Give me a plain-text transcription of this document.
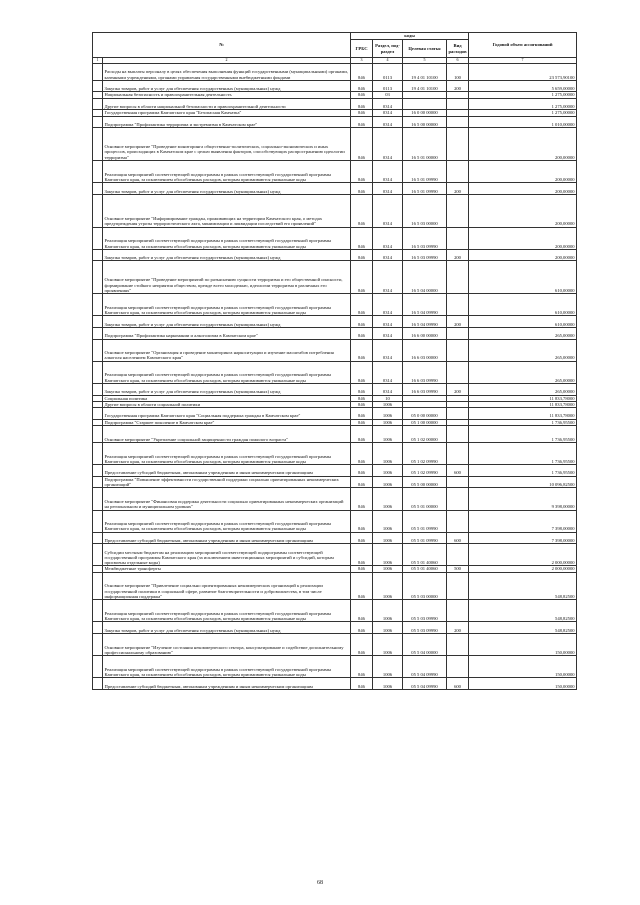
№		коды				Годовой объем ассигнований
		ГРБС	Раздел, под-раздел	Целевая статья	Вид расходов	
1	2	3	4	5	6	7
	Расходы на выплаты персоналу в целях обеспечения выполнения функций государственными (муниципальными) органами, казенными учреждениями, органами управления государственными внебюджетными фондами	846	0113	19 4 01 10100	100	23 573,90100
	Закупка товаров, работ и услуг для обеспечения государственных (муниципальных) нужд	846	0113	19 4 01 10100	200	5 659,00000
	Национальная безопасность и правоохранительная деятельность	846	03			1 275,00000
	Другие вопросы в области национальной безопасности и правоохранительной деятельности	846	0314			1 275,00000
	Государственная программа Камчатского края "Безопасная Камчатка"	846	0314	16 0 00 00000		1 275,00000
	Подпрограмма "Профилактика терроризма и экстремизма в Камчатском крае"	846	0314	16 5 00 00000		1 010,00000
	Основное мероприятие "Проведение мониторинга общественно-политических, социально-экономических и иных процессов, происходящих в Камчатском крае с целью выявления факторов, способствующих распространению идеологии терроризма"	846	0314	16 5 01 00000		200,00000
	Реализация мероприятий соответствующей подпрограммы в рамках соответствующей государственной программы Камчатского края, за исключением обособленных расходов, которым присваиваются уникальные коды	846	0314	16 5 01 09990		200,00000
	Закупка товаров, работ и услуг для обеспечения государственных (муниципальных) нужд	846	0314	16 5 01 09990	200	200,00000
	Основное мероприятие "Информирование граждан, проживающих на территории Камчатского края, о методах предупреждения угрозы террористического акта, минимизации и ликвидации последствий его проявлений"	846	0314	16 5 03 00000		200,00000
	Реализация мероприятий соответствующей подпрограммы в рамках соответствующей государственной программы Камчатского края, за исключением обособленных расходов, которым присваиваются уникальные коды	846	0314	16 5 03 09990		200,00000
	Закупка товаров, работ и услуг для обеспечения государственных (муниципальных) нужд	846	0314	16 5 03 09990	200	200,00000
	Основное мероприятие "Проведение мероприятий по разъяснению сущности терроризма и его общественной опасности, формирование стойкого неприятия обществом, прежде всего молодежью, идеологии терроризма в различных его проявлениях"	846	0314	16 5 04 00000		610,00000
	Реализация мероприятий соответствующей подпрограммы в рамках соответствующей государственной программы Камчатского края, за исключением обособленных расходов, которым присваиваются уникальные коды	846	0314	16 5 04 09990		610,00000
	Закупка товаров, работ и услуг для обеспечения государственных (муниципальных) нужд	846	0314	16 5 04 09990	200	610,00000
	Подпрограмма "Профилактика наркомании и алкоголизма в Камчатском крае"	846	0314	16 6 00 00000		265,00000
	Основное мероприятие "Организация и проведение мониторинга наркоситуации и изучение масштабов потребления алкоголя населением Камчатского края"	846	0314	16 6 03 00000		265,00000
	Реализация мероприятий соответствующей подпрограммы в рамках соответствующей государственной программы Камчатского края, за исключением обособленных расходов, которым присваиваются уникальные коды	846	0314	16 6 03 09990		265,00000
	Закупка товаров, работ и услуг для обеспечения государственных (муниципальных) нужд	846	0314	16 6 03 09990	200	265,00000
	Социальная политика	846	10			11 833,78000
	Другие вопросы в области социальной политики	846	1006			11 833,78000
	Государственная программа Камчатского края "Социальная поддержка граждан в Камчатском крае"	846	1006	05 0 00 00000		11 833,78000
	Подпрограмма "Старшее поколение в Камчатском крае"	846	1006	05 1 00 00000		1 736,95500
	Основное мероприятие "Укрепление социальной защищенности граждан пожилого возраста"	846	1006	05 1 02 00000		1 736,95500
	Реализация мероприятий соответствующей подпрограммы в рамках соответствующей государственной программы Камчатского края, за исключением обособленных расходов, которым присваиваются уникальные коды	846	1006	05 1 02 09990		1 736,95500
	Предоставление субсидий бюджетным, автономным учреждениям и иным некоммерческим организациям	846	1006	05 1 02 09990	600	1 736,95500
	Подпрограмма "Повышение эффективности государственной поддержки социально ориентированных некоммерческих организаций"	846	1006	05 5 00 00000		10 096,82500
	Основное мероприятие "Финансовая поддержка деятельности социально ориентированных некоммерческих организаций на региональном и муниципальном уровнях"	846	1006	05 5 01 00000		9 398,00000
	Реализация мероприятий соответствующей подпрограммы в рамках соответствующей государственной программы Камчатского края, за исключением обособленных расходов, которым присваиваются уникальные коды	846	1006	05 5 01 09990		7 398,00000
	Предоставление субсидий бюджетным, автономным учреждениям и иным некоммерческим организациям	846	1006	05 5 01 09990	600	7 398,00000
	Субсидии местным бюджетам на реализацию мероприятий соответствующей подпрограммы соответствующей государственной программы Камчатского края (за исключением инвестиционных мероприятий и субсидий, которым присвоены отдельные коды)	846	1006	05 5 01 40060		2 000,00000
	Межбюджетные трансферты	846	1006	05 5 01 40060	500	2 000,00000
	Основное мероприятие "Привлечение социально ориентированных некоммерческих организаций к реализации государственной политики в социальной сфере, развитие благотворительности и добровольчества, в том числе информационная поддержка"	846	1006	05 5 03 00000		548,82500
	Реализация мероприятий соответствующей подпрограммы в рамках соответствующей государственной программы Камчатского края, за исключением обособленных расходов, которым присваиваются уникальные коды	846	1006	05 5 03 09990		548,82500
	Закупка товаров, работ и услуг для обеспечения государственных (муниципальных) нужд	846	1006	05 5 03 09990	200	548,82500
	Основное мероприятие "Изучение состояния некоммерческого сектора, консультирование и содействие дополнительному профессиональному образованию"	846	1006	05 5 04 00000		150,00000
	Реализация мероприятий соответствующей подпрограммы в рамках соответствующей государственной программы Камчатского края, за исключением обособленных расходов, которым присваиваются уникальные коды	846	1006	05 5 04 09990		150,00000
	Предоставление субсидий бюджетным, автономным учреждениям и иным некоммерческим организациям	846	1006	05 5 04 09990	600	150,00000
68
